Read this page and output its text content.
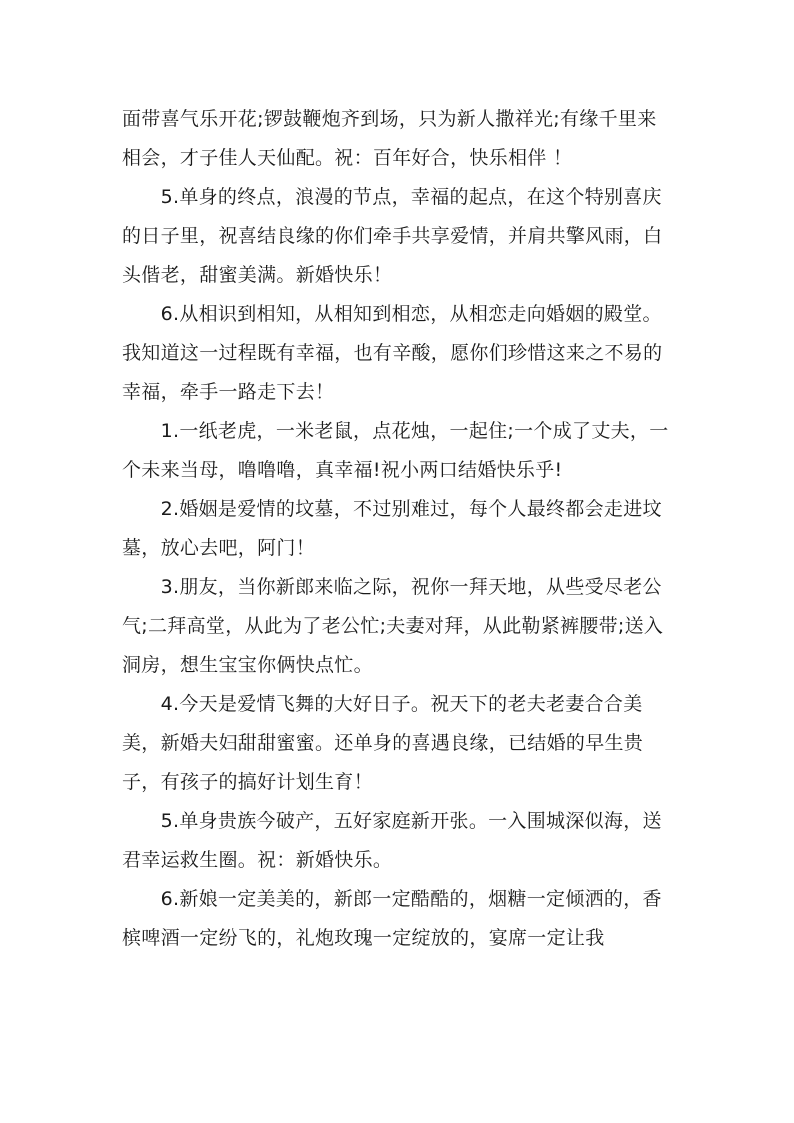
面带喜气乐开花;锣鼓鞭炮齐到场，只为新人撒祥光;有缘千里来相会，才子佳人天仙配。祝：百年好合，快乐相伴 ！

　　5.单身的终点，浪漫的节点，幸福的起点，在这个特别喜庆的日子里，祝喜结良缘的你们牵手共享爱情，并肩共擎风雨，白头偕老，甜蜜美满。新婚快乐！

　　6.从相识到相知，从相知到相恋，从相恋走向婚姻的殿堂。我知道这一过程既有幸福，也有辛酸，愿你们珍惜这来之不易的幸福，牵手一路走下去！

　　1.一纸老虎，一米老鼠，点花烛，一起住;一个成了丈夫，一个未来当母，噜噜噜，真幸福!祝小两口结婚快乐乎!

　　2.婚姻是爱情的坟墓，不过别难过，每个人最终都会走进坟墓，放心去吧，阿门！

　　3.朋友，当你新郎来临之际，祝你一拜天地，从些受尽老公气;二拜高堂，从此为了老公忙;夫妻对拜，从此勒紧裤腰带;送入洞房，想生宝宝你俩快点忙。

　　4.今天是爱情飞舞的大好日子。祝天下的老夫老妻合合美美，新婚夫妇甜甜蜜蜜。还单身的喜遇良缘，已结婚的早生贵子，有孩子的搞好计划生育！

　　5.单身贵族今破产，五好家庭新开张。一入围城深似海，送君幸运救生圈。祝：新婚快乐。

　　6.新娘一定美美的，新郎一定酷酷的，烟糖一定倾洒的，香槟啤酒一定纷飞的，礼炮玫瑰一定绽放的，宴席一定让我
